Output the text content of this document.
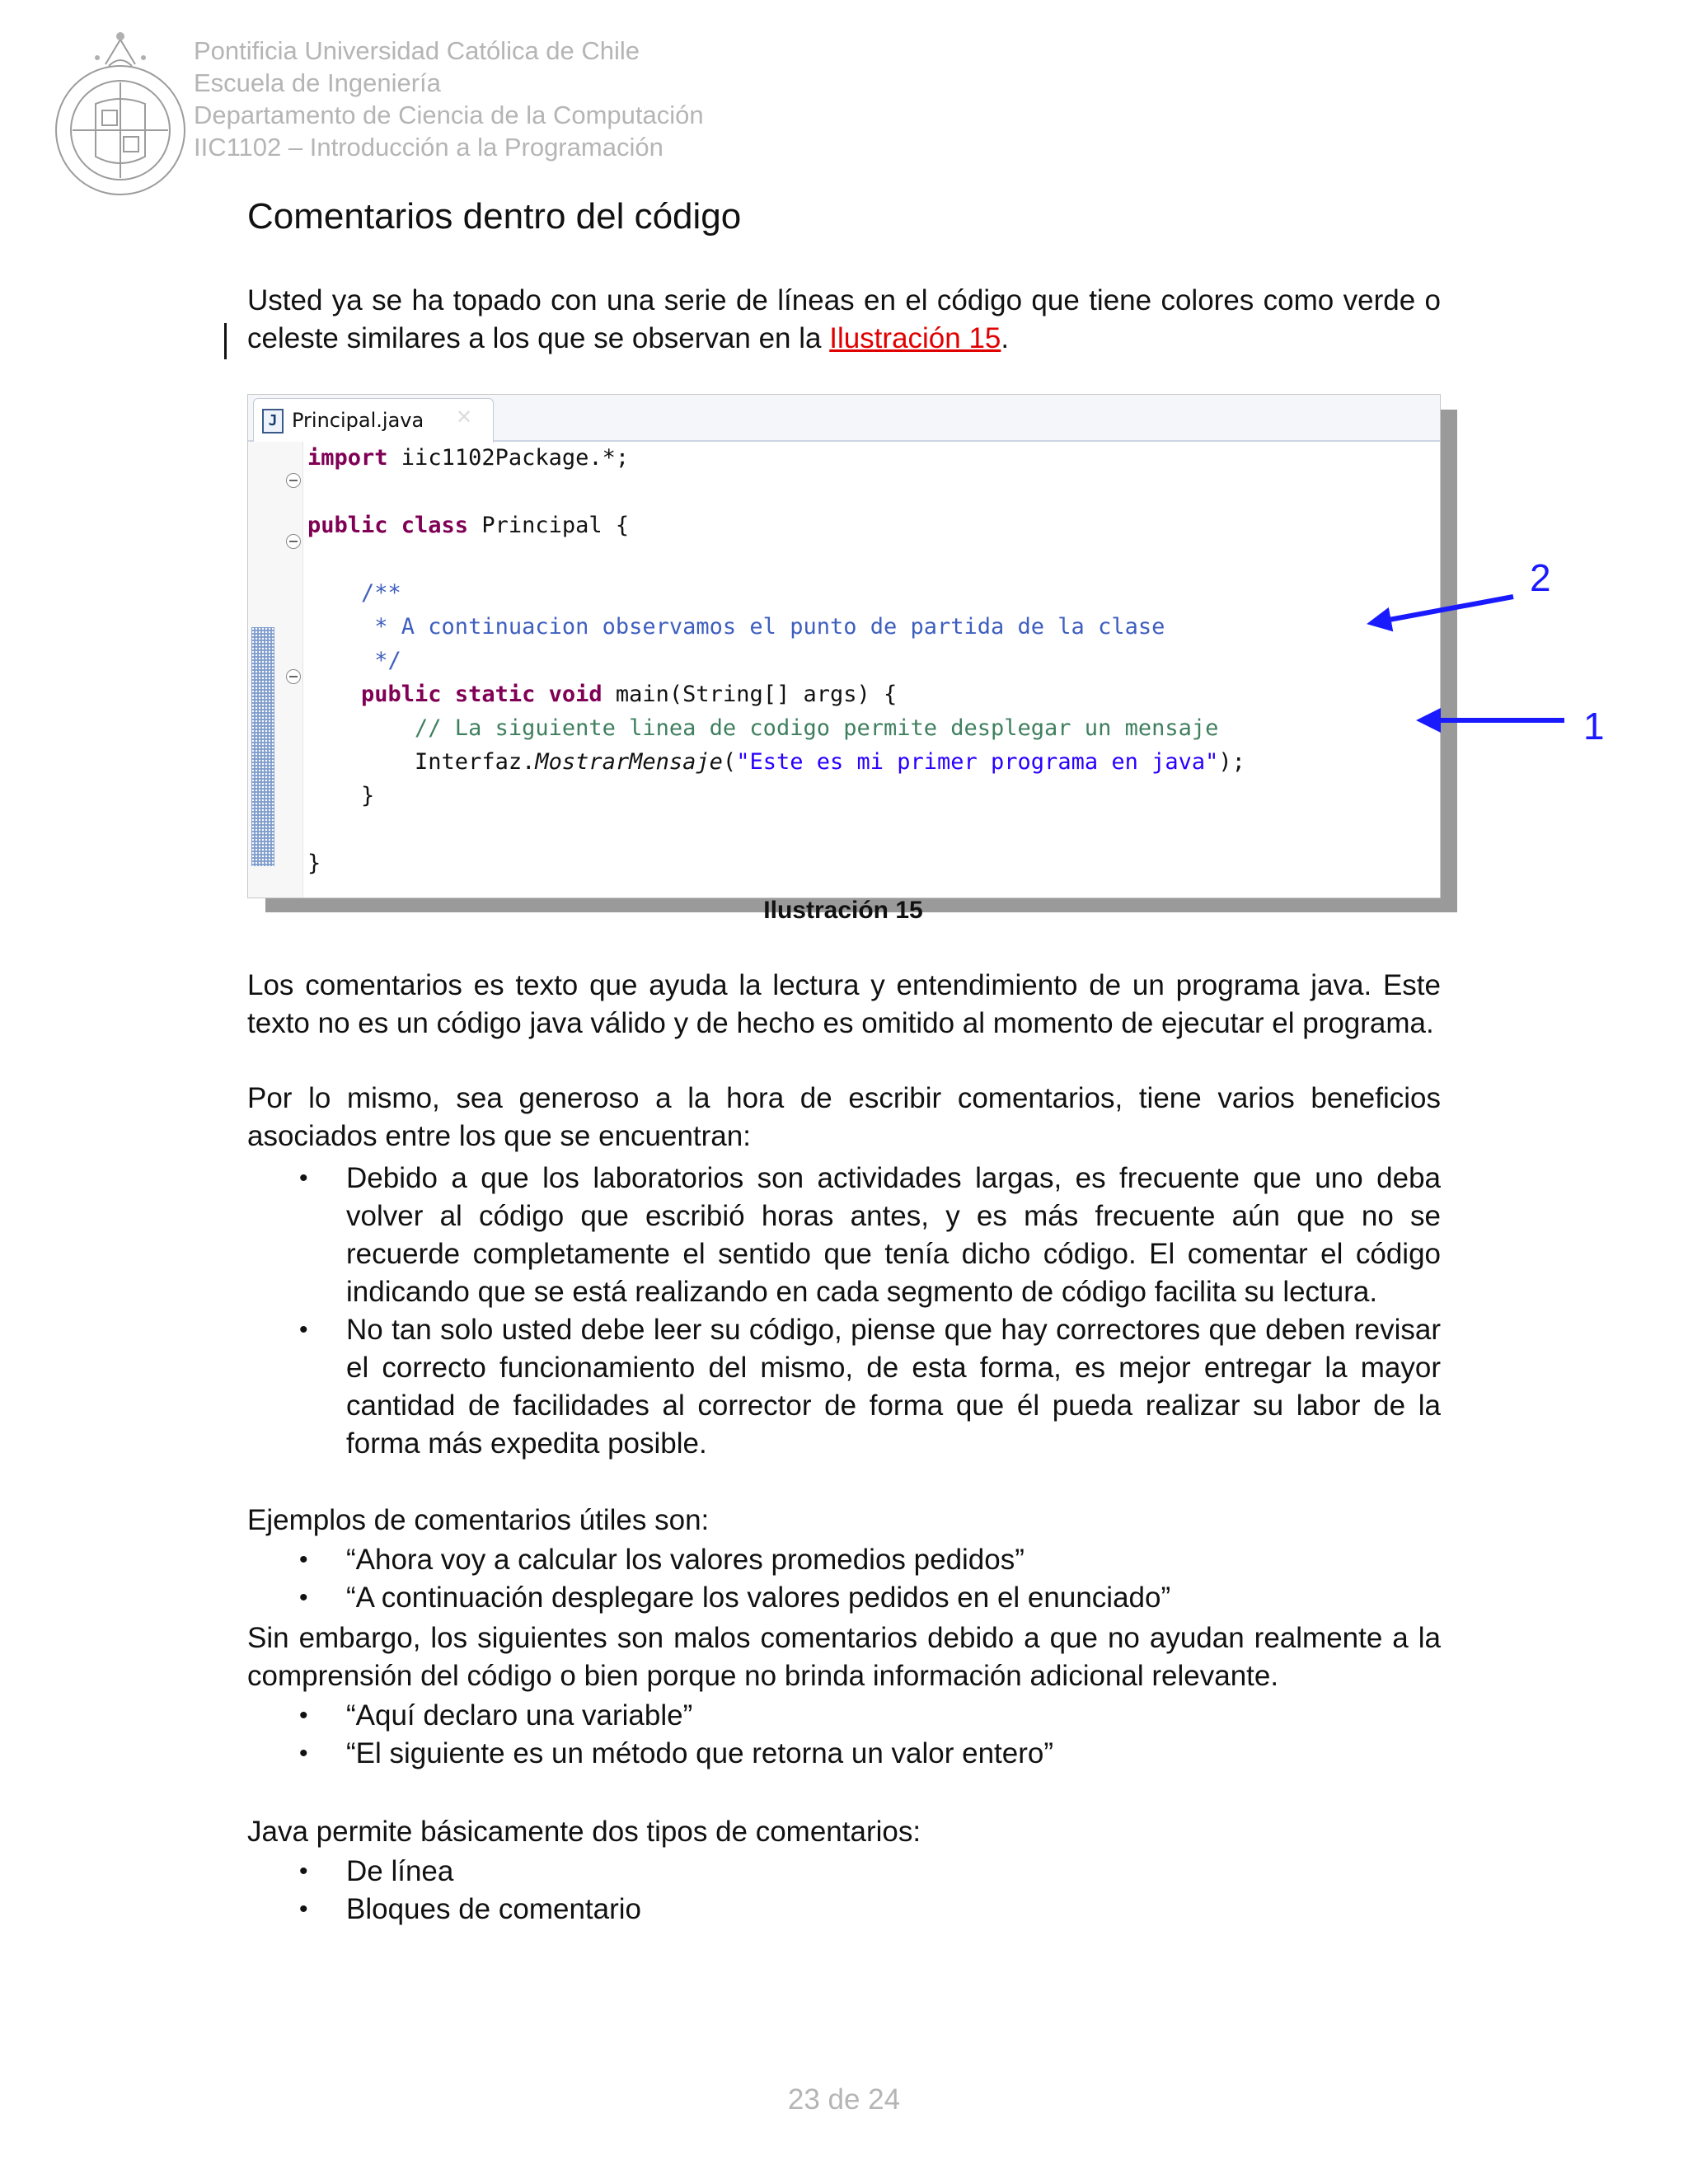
Pontificia Universidad Católica de Chile
Escuela de Ingeniería
Departamento de Ciencia de la Computación
IIC1102 – Introducción a la Programación
Comentarios dentro del código
Usted ya se ha topado con una serie de líneas en el código que tiene colores como verde o celeste similares a los que se observan en la Ilustración 15.
J Principal.java ✕

import iic1102Package.*;

public class Principal {

/**

* A continuacion observamos el punto de partida de la clase

*/

public static void main(String[] args) {

// La siguiente linea de codigo permite desplegar un mensaje

Interfaz.MostrarMensaje("Este es mi primer programa en java");

}

}

Ilustración 15
2
1
Los comentarios es texto que ayuda la lectura y entendimiento de un programa java. Este texto no es un código java válido y de hecho es omitido al momento de ejecutar el programa.
Por lo mismo, sea generoso a la hora de escribir comentarios, tiene varios beneficios asociados entre los que se encuentran:
• Debido a que los laboratorios son actividades largas, es frecuente que uno deba volver al código que escribió horas antes, y es más frecuente aún que no se recuerde completamente el sentido que tenía dicho código. El comentar el código indicando que se está realizando en cada segmento de código facilita su lectura.
• No tan solo usted debe leer su código, piense que hay correctores que deben revisar el correcto funcionamiento del mismo, de esta forma, es mejor entregar la mayor cantidad de facilidades al corrector de forma que él pueda realizar su labor de la forma más expedita posible.
Ejemplos de comentarios útiles son:
• “Ahora voy a calcular los valores promedios pedidos”
• “A continuación desplegare los valores pedidos en el enunciado”
Sin embargo, los siguientes son malos comentarios debido a que no ayudan realmente a la comprensión del código o bien porque no brinda información adicional relevante.
• “Aquí declaro una variable”
• “El siguiente es un método que retorna un valor entero”
Java permite básicamente dos tipos de comentarios:
• De línea
• Bloques de comentario
23 de 24
